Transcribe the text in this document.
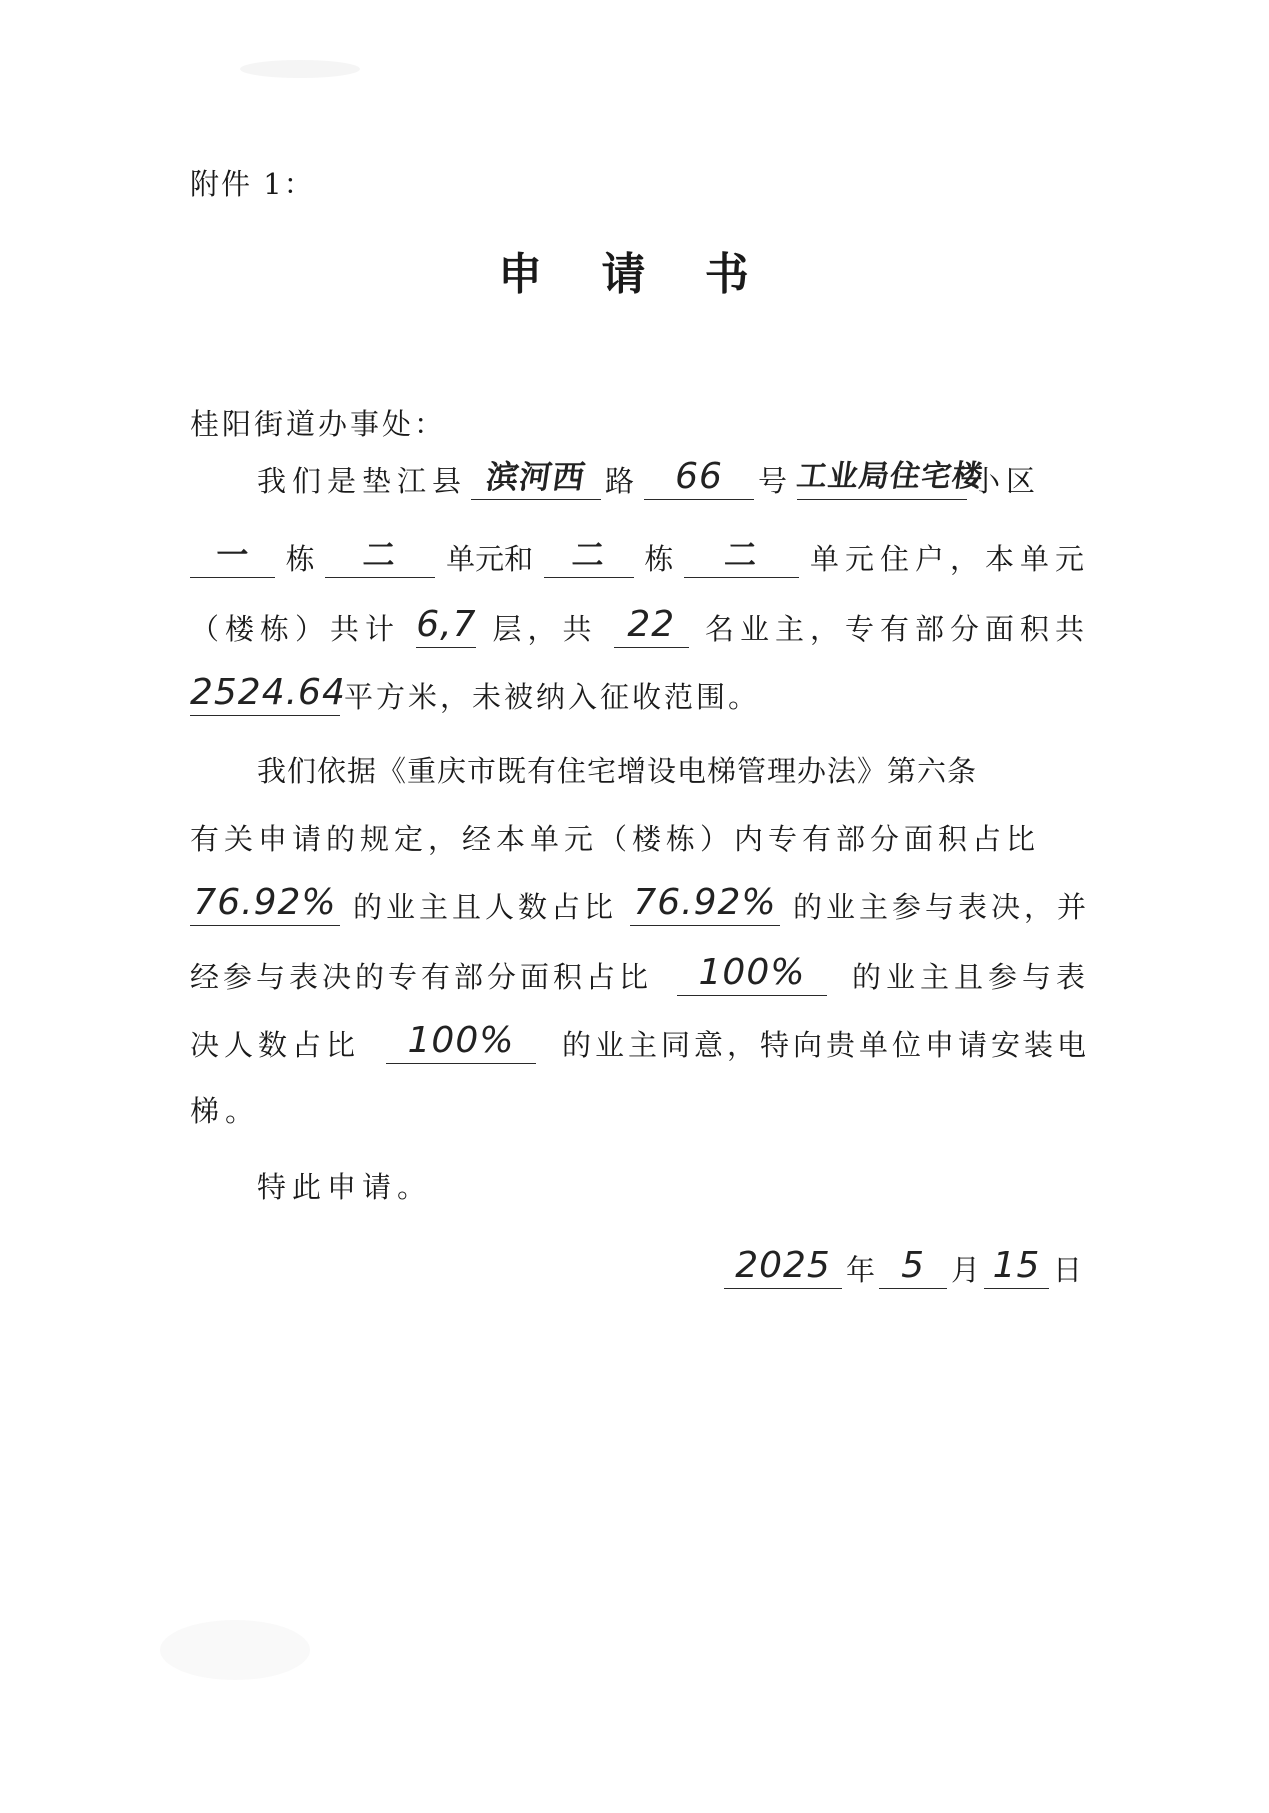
附件 1：
申 请 书
桂阳街道办事处：
我们是垫江县 滨河西 路 66	号 工业局住宅楼
小区
一	栋	二	单元和	二	栋	二	单元住户，本单元
（楼栋）共计 6,7 层，共 22	名业主，专有部分面积共
2524.64
平方米，未被纳入征收范围。
我们依据《重庆市既有住宅增设电梯管理办法》第六条
有关申请的规定，经本单元（楼栋）内专有部分面积占比
76.92% 的业主且人数占比 76.92% 的业主参与表决，并
经参与表决的专有部分面积占比	100%	的业主且参与表
决人数占比	100%	的业主同意，特向贵单位申请安装电
梯。
特此申请。
2025 年 5 月 15 日
